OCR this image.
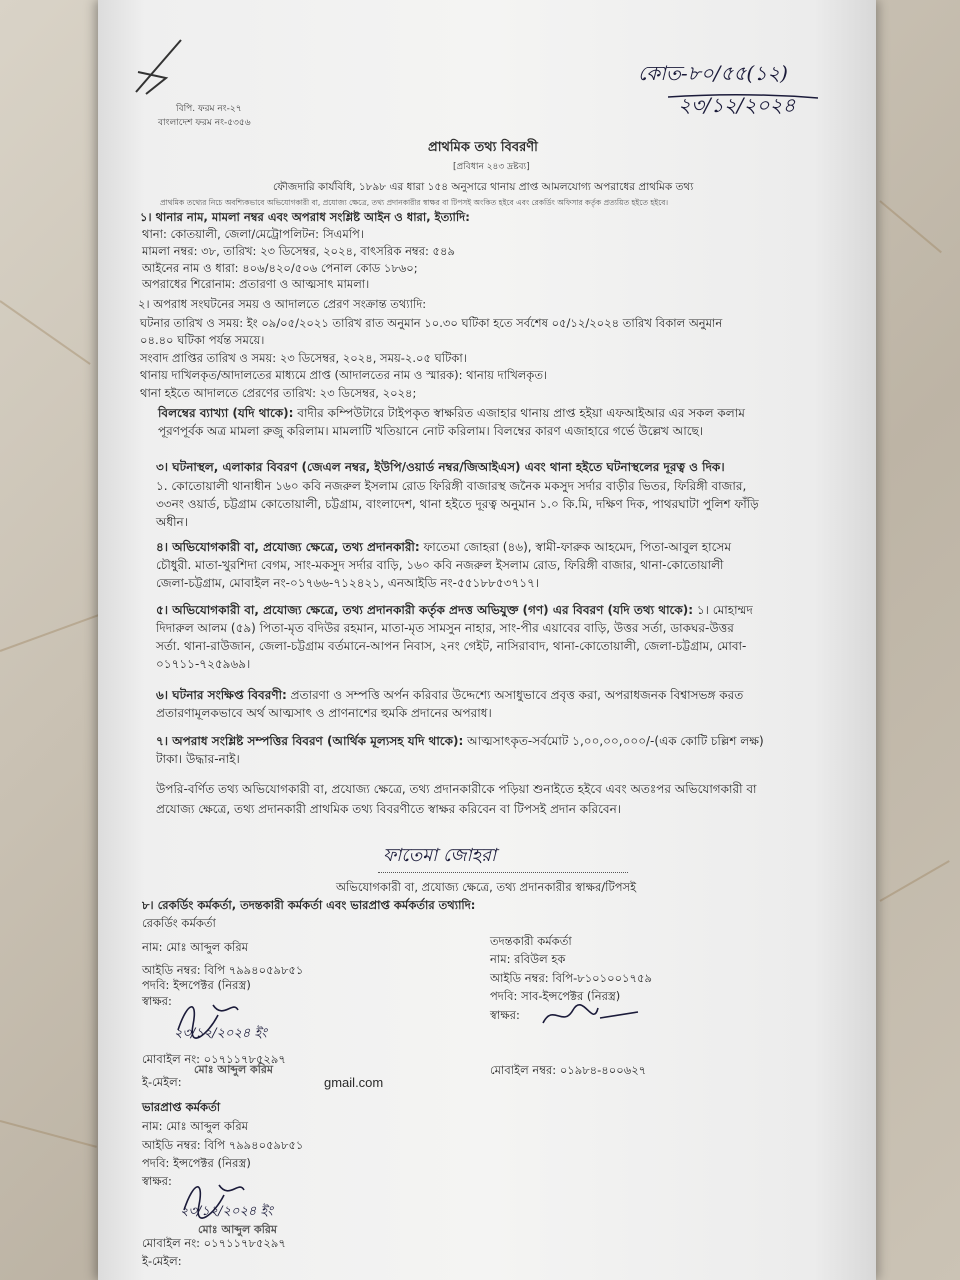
বিপি. ফরম নং-২৭
বাংলাদেশ ফরম নং-৫৩৫৬
কোত-৮০/৫৫(১২)
২৩/১২/২০২৪
প্রাথমিক তথ্য বিবরণী
[প্রবিধান ২৪৩ দ্রষ্টব্য]
ফৌজদারি কার্যবিধি, ১৮৯৮ এর ধারা ১৫৪ অনুসারে থানায় প্রাপ্ত আমলযোগ্য অপরাধের প্রাথমিক তথ্য
প্রাথমিক তথ্যের নিচে অবশ্যিকভাবে অভিযোগকারী বা, প্রযোজ্য ক্ষেত্রে, তথ্য প্রদানকারীর স্বাক্ষর বা টিপসই অংকিত হইবে এবং রেকর্ডিং অফিসার কর্তৃক প্রত্যয়িত হইতে হইবে।
১। থানার নাম, মামলা নম্বর এবং অপরাধ সংশ্লিষ্ট আইন ও ধারা, ইত্যাদি:
থানা: কোতয়ালী, জেলা/মেট্রোপলিটন: সিএমপি।
মামলা নম্বর: ৩৮, তারিখ: ২৩ ডিসেম্বর, ২০২৪, বাৎসরিক নম্বর: ৫৪৯
আইনের নাম ও ধারা: ৪০৬/৪২০/৫০৬ পেনাল কোড ১৮৬০;
অপরাধের শিরোনাম: প্রতারণা ও আত্মসাৎ মামলা।
২। অপরাধ সংঘটনের সময় ও আদালতে প্রেরণ সংক্রান্ত তথ্যাদি:
ঘটনার তারিখ ও সময়: ইং ০৯/০৫/২০২১ তারিখ রাত অনুমান ১০.৩০ ঘটিকা হতে সর্বশেষ ০৫/১২/২০২৪ তারিখ বিকাল অনুমান
০৪.৪০ ঘটিকা পর্যন্ত সময়ে।
সংবাদ প্রাপ্তির তারিখ ও সময়: ২৩ ডিসেম্বর, ২০২৪, সময়-২.০৫ ঘটিকা।
থানায় দাখিলকৃত/আদালতের মাধ্যমে প্রাপ্ত (আদালতের নাম ও স্মারক): থানায় দাখিলকৃত।
থানা হইতে আদালতে প্রেরণের তারিখ: ২৩ ডিসেম্বর, ২০২৪;
বিলম্বের ব্যাখ্যা (যদি থাকে): বাদীর কম্পিউটারে টাইপকৃত স্বাক্ষরিত এজাহার থানায় প্রাপ্ত হইয়া এফআইআর এর সকল কলাম
পূরণপূর্বক অত্র মামলা রুজু করিলাম। মামলাটি খতিয়ানে নোট করিলাম। বিলম্বের কারণ এজাহারে গর্ভে উল্লেখ আছে।
৩। ঘটনাস্থল, এলাকার বিবরণ (জেএল নম্বর, ইউপি/ওয়ার্ড নম্বর/জিআইএস) এবং থানা হইতে ঘটনাস্থলের দূরত্ব ও দিক।
১. কোতোয়ালী থানাধীন ১৬০ কবি নজরুল ইসলাম রোড ফিরিঙ্গী বাজারস্থ জনৈক মকসুদ সর্দার বাড়ীর ভিতর, ফিরিঙ্গী বাজার,
৩৩নং ওয়ার্ড, চট্টগ্রাম কোতোয়ালী, চট্টগ্রাম, বাংলাদেশ, থানা হইতে দূরত্ব অনুমান ১.০ কি.মি, দক্ষিণ দিক, পাথরঘাটা পুলিশ ফাঁড়ি
অধীন।
৪। অভিযোগকারী বা, প্রযোজ্য ক্ষেত্রে, তথ্য প্রদানকারী: ফাতেমা জোহরা (৪৬), স্বামী-ফারুক আহমেদ, পিতা-আবুল হাসেম
চৌধুরী. মাতা-খুরশিদা বেগম, সাং-মকসুদ সর্দার বাড়ি, ১৬০ কবি নজরুল ইসলাম রোড, ফিরিঙ্গী বাজার, থানা-কোতোয়ালী
জেলা-চট্টগ্রাম, মোবাইল নং-০১৭৬৬-৭১২৪২১, এনআইডি নং-৫৫১৮৮৫৩৭১৭।
৫। অভিযোগকারী বা, প্রযোজ্য ক্ষেত্রে, তথ্য প্রদানকারী কর্তৃক প্রদত্ত অভিযুক্ত (গণ) এর বিবরণ (যদি তথ্য থাকে): ১। মোহাম্মদ
দিদারুল আলম (৫৯) পিতা-মৃত বদিউর রহমান, মাতা-মৃত সামসুন নাহার, সাং-পীর এয়াবের বাড়ি, উত্তর সর্তা, ডাকঘর-উত্তর
সর্তা. থানা-রাউজান, জেলা-চট্টগ্রাম বর্তমানে-আপন নিবাস, ২নং গেইট, নাসিরাবাদ, থানা-কোতোয়ালী, জেলা-চট্টগ্রাম, মোবা-
০১৭১১-৭২৫৯৬৯।
৬। ঘটনার সংক্ষিপ্ত বিবরণী: প্রতারণা ও সম্পত্তি অর্পন করিবার উদ্দেশ্যে অসাধুভাবে প্রবৃত্ত করা, অপরাধজনক বিশ্বাসভঙ্গ করত
প্রতারণামূলকভাবে অর্থ আত্মসাৎ ও প্রাণনাশের হুমকি প্রদানের অপরাধ।
৭। অপরাধ সংশ্লিষ্ট সম্পত্তির বিবরণ (আর্থিক মূল্যসহ যদি থাকে): আত্মসাৎকৃত-সর্বমোট ১,০০,০০,০০০/-(এক কোটি চল্লিশ লক্ষ)
টাকা। উদ্ধার-নাই।
উপরি-বর্ণিত তথ্য অভিযোগকারী বা, প্রযোজ্য ক্ষেত্রে, তথ্য প্রদানকারীকে পড়িয়া শুনাইতে হইবে এবং অতঃপর অভিযোগকারী বা
প্রযোজ্য ক্ষেত্রে, তথ্য প্রদানকারী প্রাথমিক তথ্য বিবরণীতে স্বাক্ষর করিবেন বা টিপসই প্রদান করিবেন।
ফাতেমা জোহরা
অভিযোগকারী বা, প্রযোজ্য ক্ষেত্রে, তথ্য প্রদানকারীর স্বাক্ষর/টিপসই
৮। রেকর্ডিং কর্মকর্তা, তদন্তকারী কর্মকর্তা এবং ভারপ্রাপ্ত কর্মকর্তার তথ্যাদি:
রেকর্ডিং কর্মকর্তা
নাম: মোঃ আব্দুল করিম
আইডি নম্বর: বিপি ৭৯৯৪০৫৯৮৫১
পদবি: ইন্সপেক্টর (নিরস্ত্র)
স্বাক্ষর:
২৩/১২/২০২৪ ইং
মোবাইল নং: ০১৭১১৭৮৫২৯৭
মোঃ আব্দুল করিম
ই-মেইল:	gmail.com
তদন্তকারী কর্মকর্তা
নাম: রবিউল হক
আইডি নম্বর: বিপি-৮১০১০০১৭৫৯
পদবি: সাব-ইন্সপেক্টর (নিরস্ত্র)
স্বাক্ষর:
মোবাইল নম্বর: ০১৯৮৪-৪০০৬২৭
ভারপ্রাপ্ত কর্মকর্তা
নাম: মোঃ আব্দুল করিম
আইডি নম্বর: বিপি ৭৯৯৪০৫৯৮৫১
পদবি: ইন্সপেক্টর (নিরস্ত্র)
স্বাক্ষর:
২৩/১২/২০২৪ ইং
মোঃ আব্দুল করিম
মোবাইল নং: ০১৭১১৭৮৫২৯৭
ই-মেইল:
